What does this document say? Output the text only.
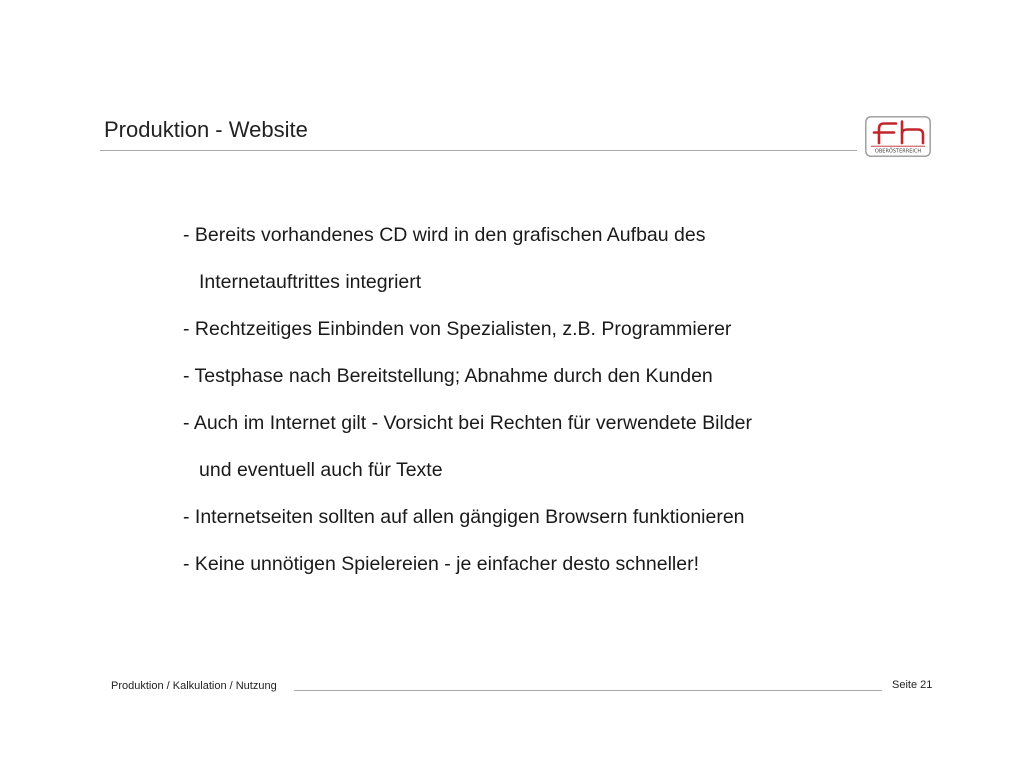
Produktion - Website
OBERÖSTERREICH
- Bereits vorhandenes CD wird in den grafischen Aufbau des
Internetauftrittes integriert
- Rechtzeitiges Einbinden von Spezialisten, z.B. Programmierer
- Testphase nach Bereitstellung; Abnahme durch den Kunden
- Auch im Internet gilt - Vorsicht bei Rechten für verwendete Bilder
und eventuell auch für Texte
- Internetseiten sollten auf allen gängigen Browsern funktionieren
- Keine unnötigen Spielereien - je einfacher desto schneller!
Produktion / Kalkulation / Nutzung	Seite 21
